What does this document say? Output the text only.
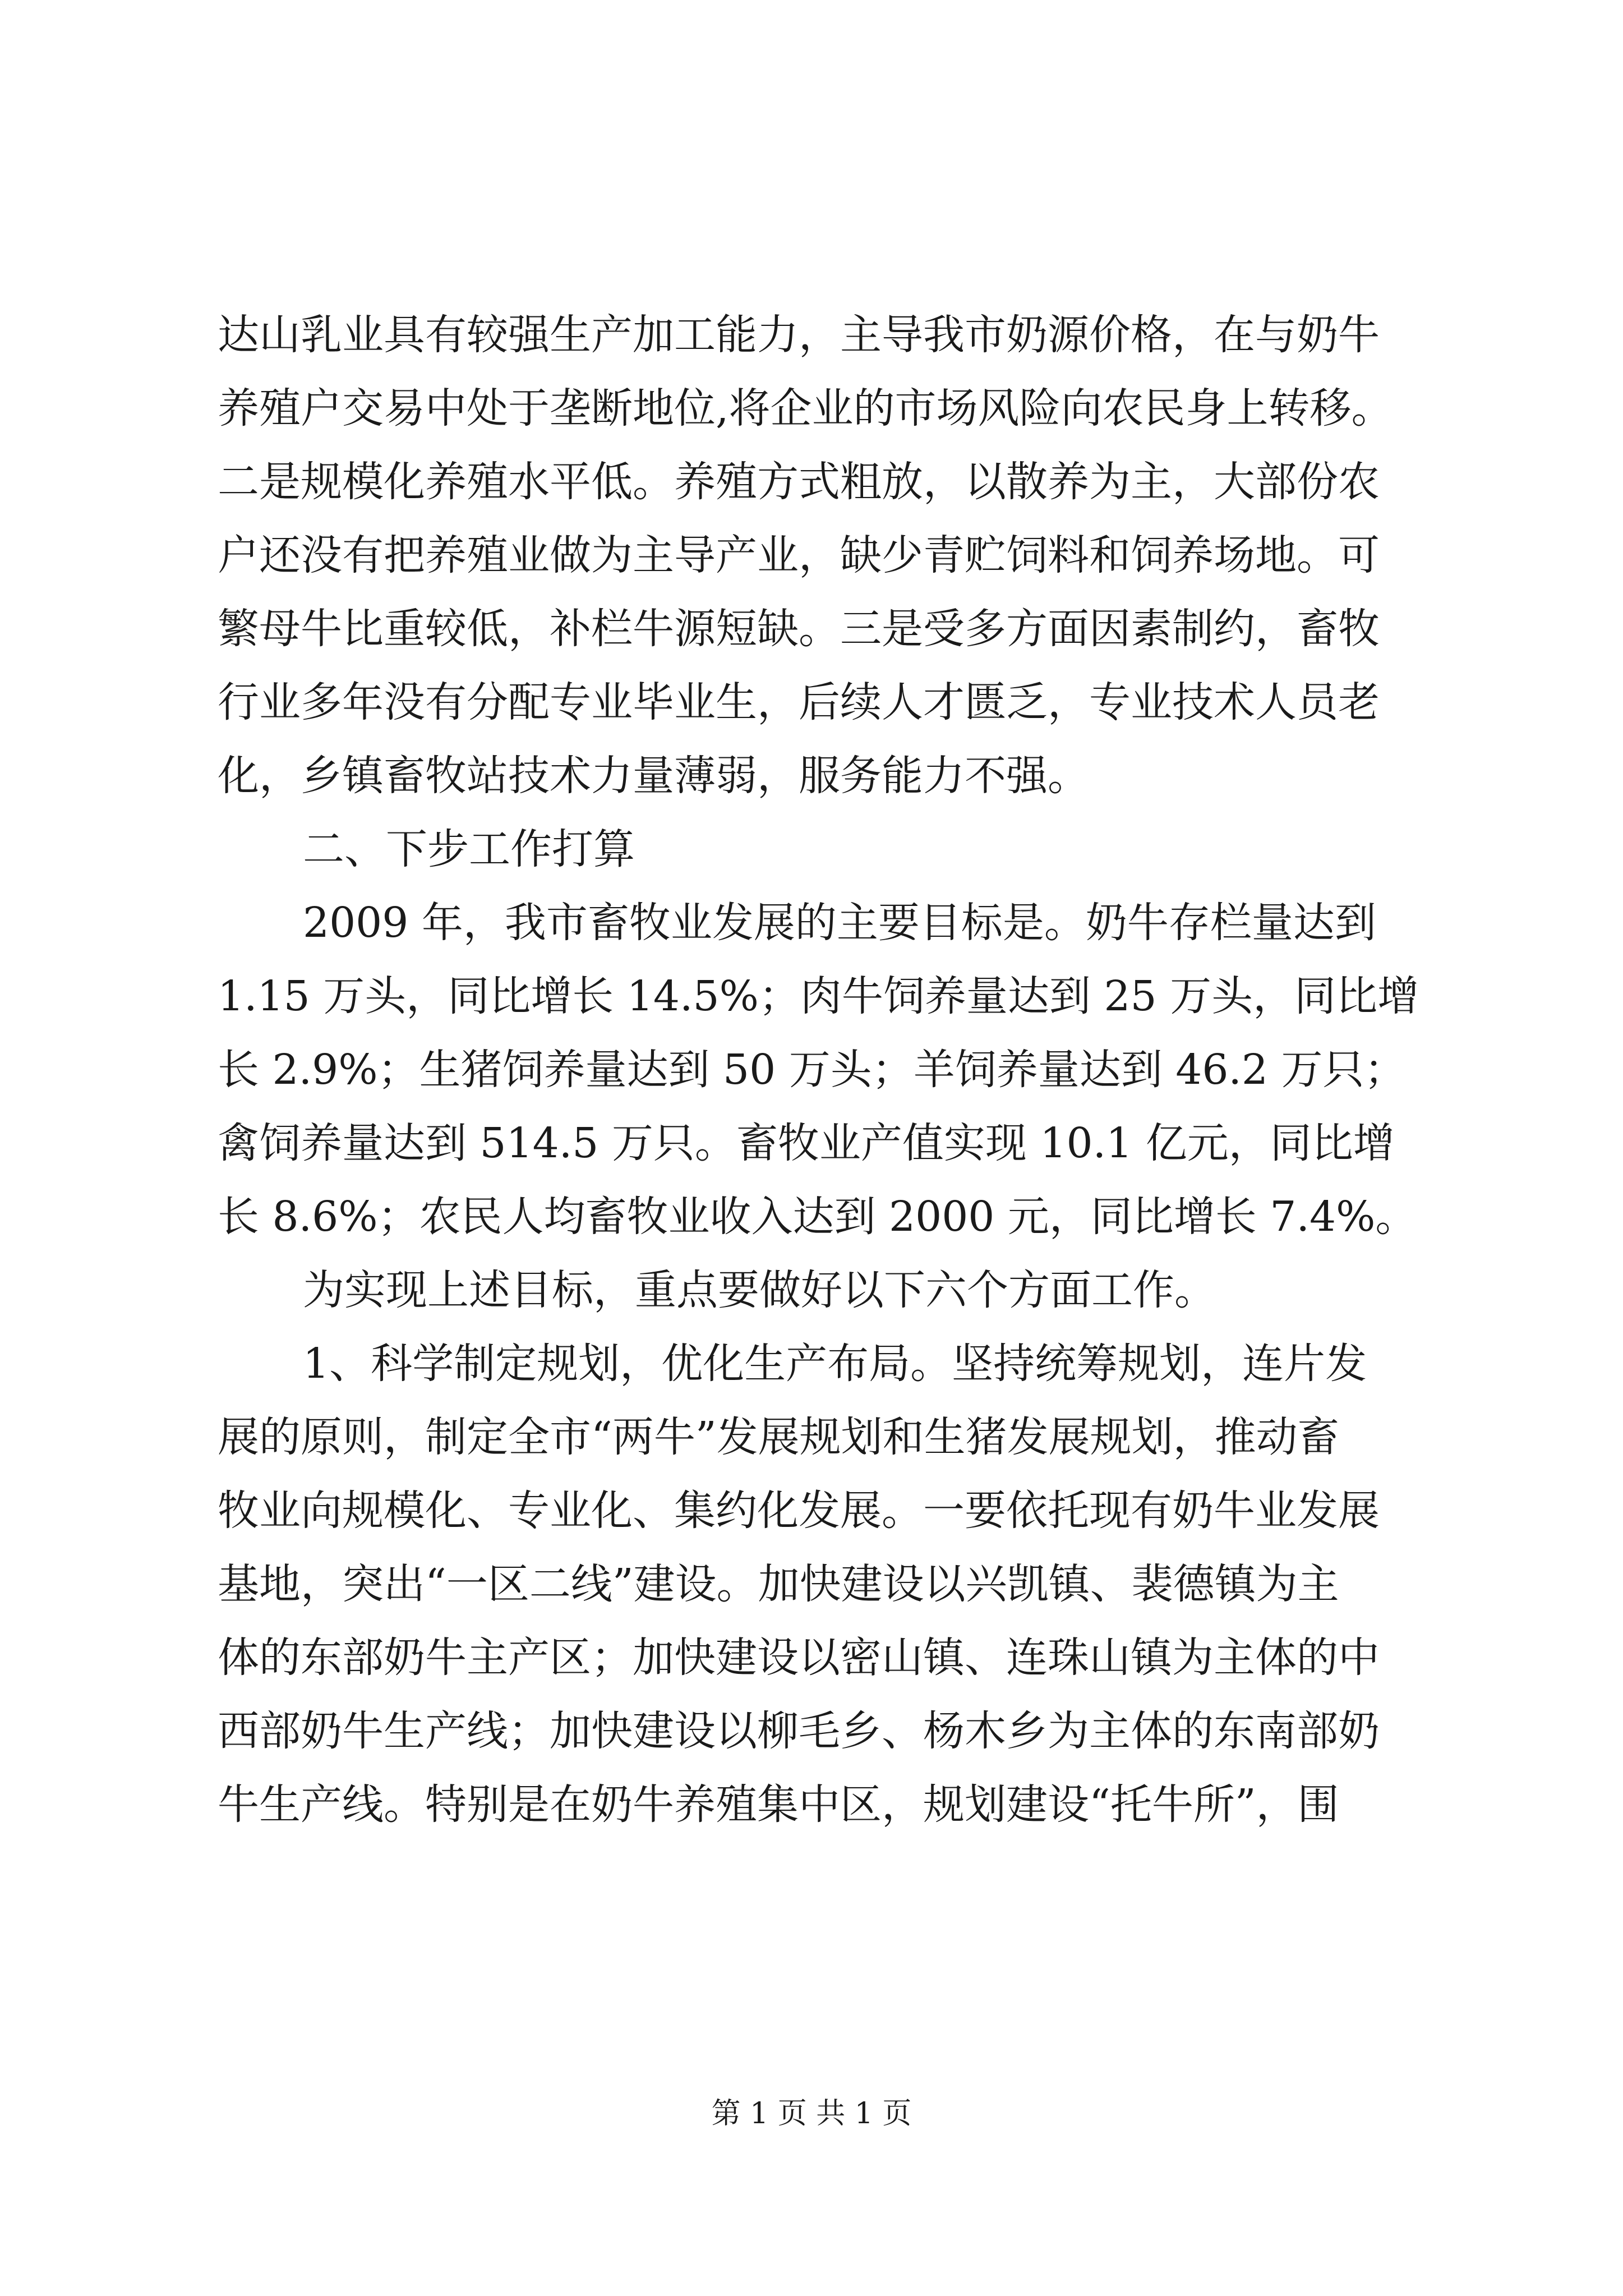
达山乳业具有较强生产加工能力，主导我市奶源价格，在与奶牛
养殖户交易中处于垄断地位,将企业的市场风险向农民身上转移。
二是规模化养殖水平低。养殖方式粗放，以散养为主，大部份农
户还没有把养殖业做为主导产业，缺少青贮饲料和饲养场地。可
繁母牛比重较低，补栏牛源短缺。三是受多方面因素制约，畜牧
行业多年没有分配专业毕业生，后续人才匮乏，专业技术人员老
化，乡镇畜牧站技术力量薄弱，服务能力不强。
二、下步工作打算
2009 年，我市畜牧业发展的主要目标是。奶牛存栏量达到
1.15 万头，同比增长 14.5%；肉牛饲养量达到 25 万头，同比增
长 2.9%；生猪饲养量达到 50 万头；羊饲养量达到 46.2 万只；
禽饲养量达到 514.5 万只。畜牧业产值实现 10.1 亿元，同比增
长 8.6%；农民人均畜牧业收入达到 2000 元，同比增长 7.4%。
为实现上述目标，重点要做好以下六个方面工作。
1、科学制定规划，优化生产布局。坚持统筹规划，连片发
展的原则，制定全市“两牛”发展规划和生猪发展规划，推动畜
牧业向规模化、专业化、集约化发展。一要依托现有奶牛业发展
基地，突出“一区二线”建设。加快建设以兴凯镇、裴德镇为主
体的东部奶牛主产区；加快建设以密山镇、连珠山镇为主体的中
西部奶牛生产线；加快建设以柳毛乡、杨木乡为主体的东南部奶
牛生产线。特别是在奶牛养殖集中区，规划建设“托牛所”，围
第 1 页 共 1 页
